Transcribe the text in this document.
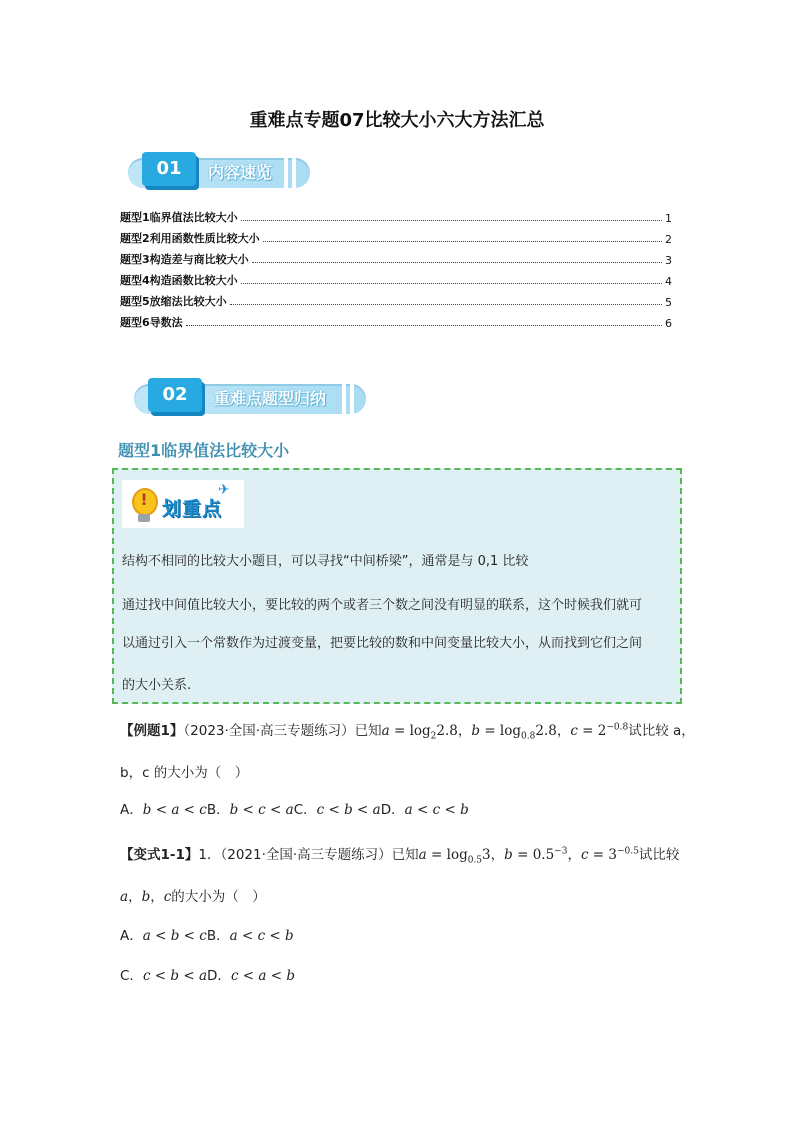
重难点专题07比较大小六大方法汇总
01	内容速览
题型1临界值法比较大小	1
题型2利用函数性质比较大小	2
题型3构造差与商比较大小	3
题型4构造函数比较大小	4
题型5放缩法比较大小	5
题型6导数法	6
02	重难点题型归纳
题型1临界值法比较大小
! 划重点
✈
结构不相同的比较大小题目，可以寻找“中间桥梁”，通常是与 0,1 比较
通过找中间值比较大小，要比较的两个或者三个数之间没有明显的联系，这个时候我们就可
以通过引入一个常数作为过渡变量，把要比较的数和中间变量比较大小，从而找到它们之间
的大小关系.
【例题1】（2023·全国·高三专题练习）已知$a = \log_22.8$，$b = \log_{0.8}2.8$，$c = 2^{-0.8}$试比较 a，
b，c 的大小为（　）
A．b < a < cB．b < c < aC．c < b < aD．a < c < b
【变式1-1】1．（2021·全国·高三专题练习）已知$a = \log_{0.5}3$，$b = 0.5^{-3}$，$c = 3^{-0.5}$试比较
a，b，c的大小为（　）
A．a < b < cB．a < c < b
C．c < b < aD．c < a < b
